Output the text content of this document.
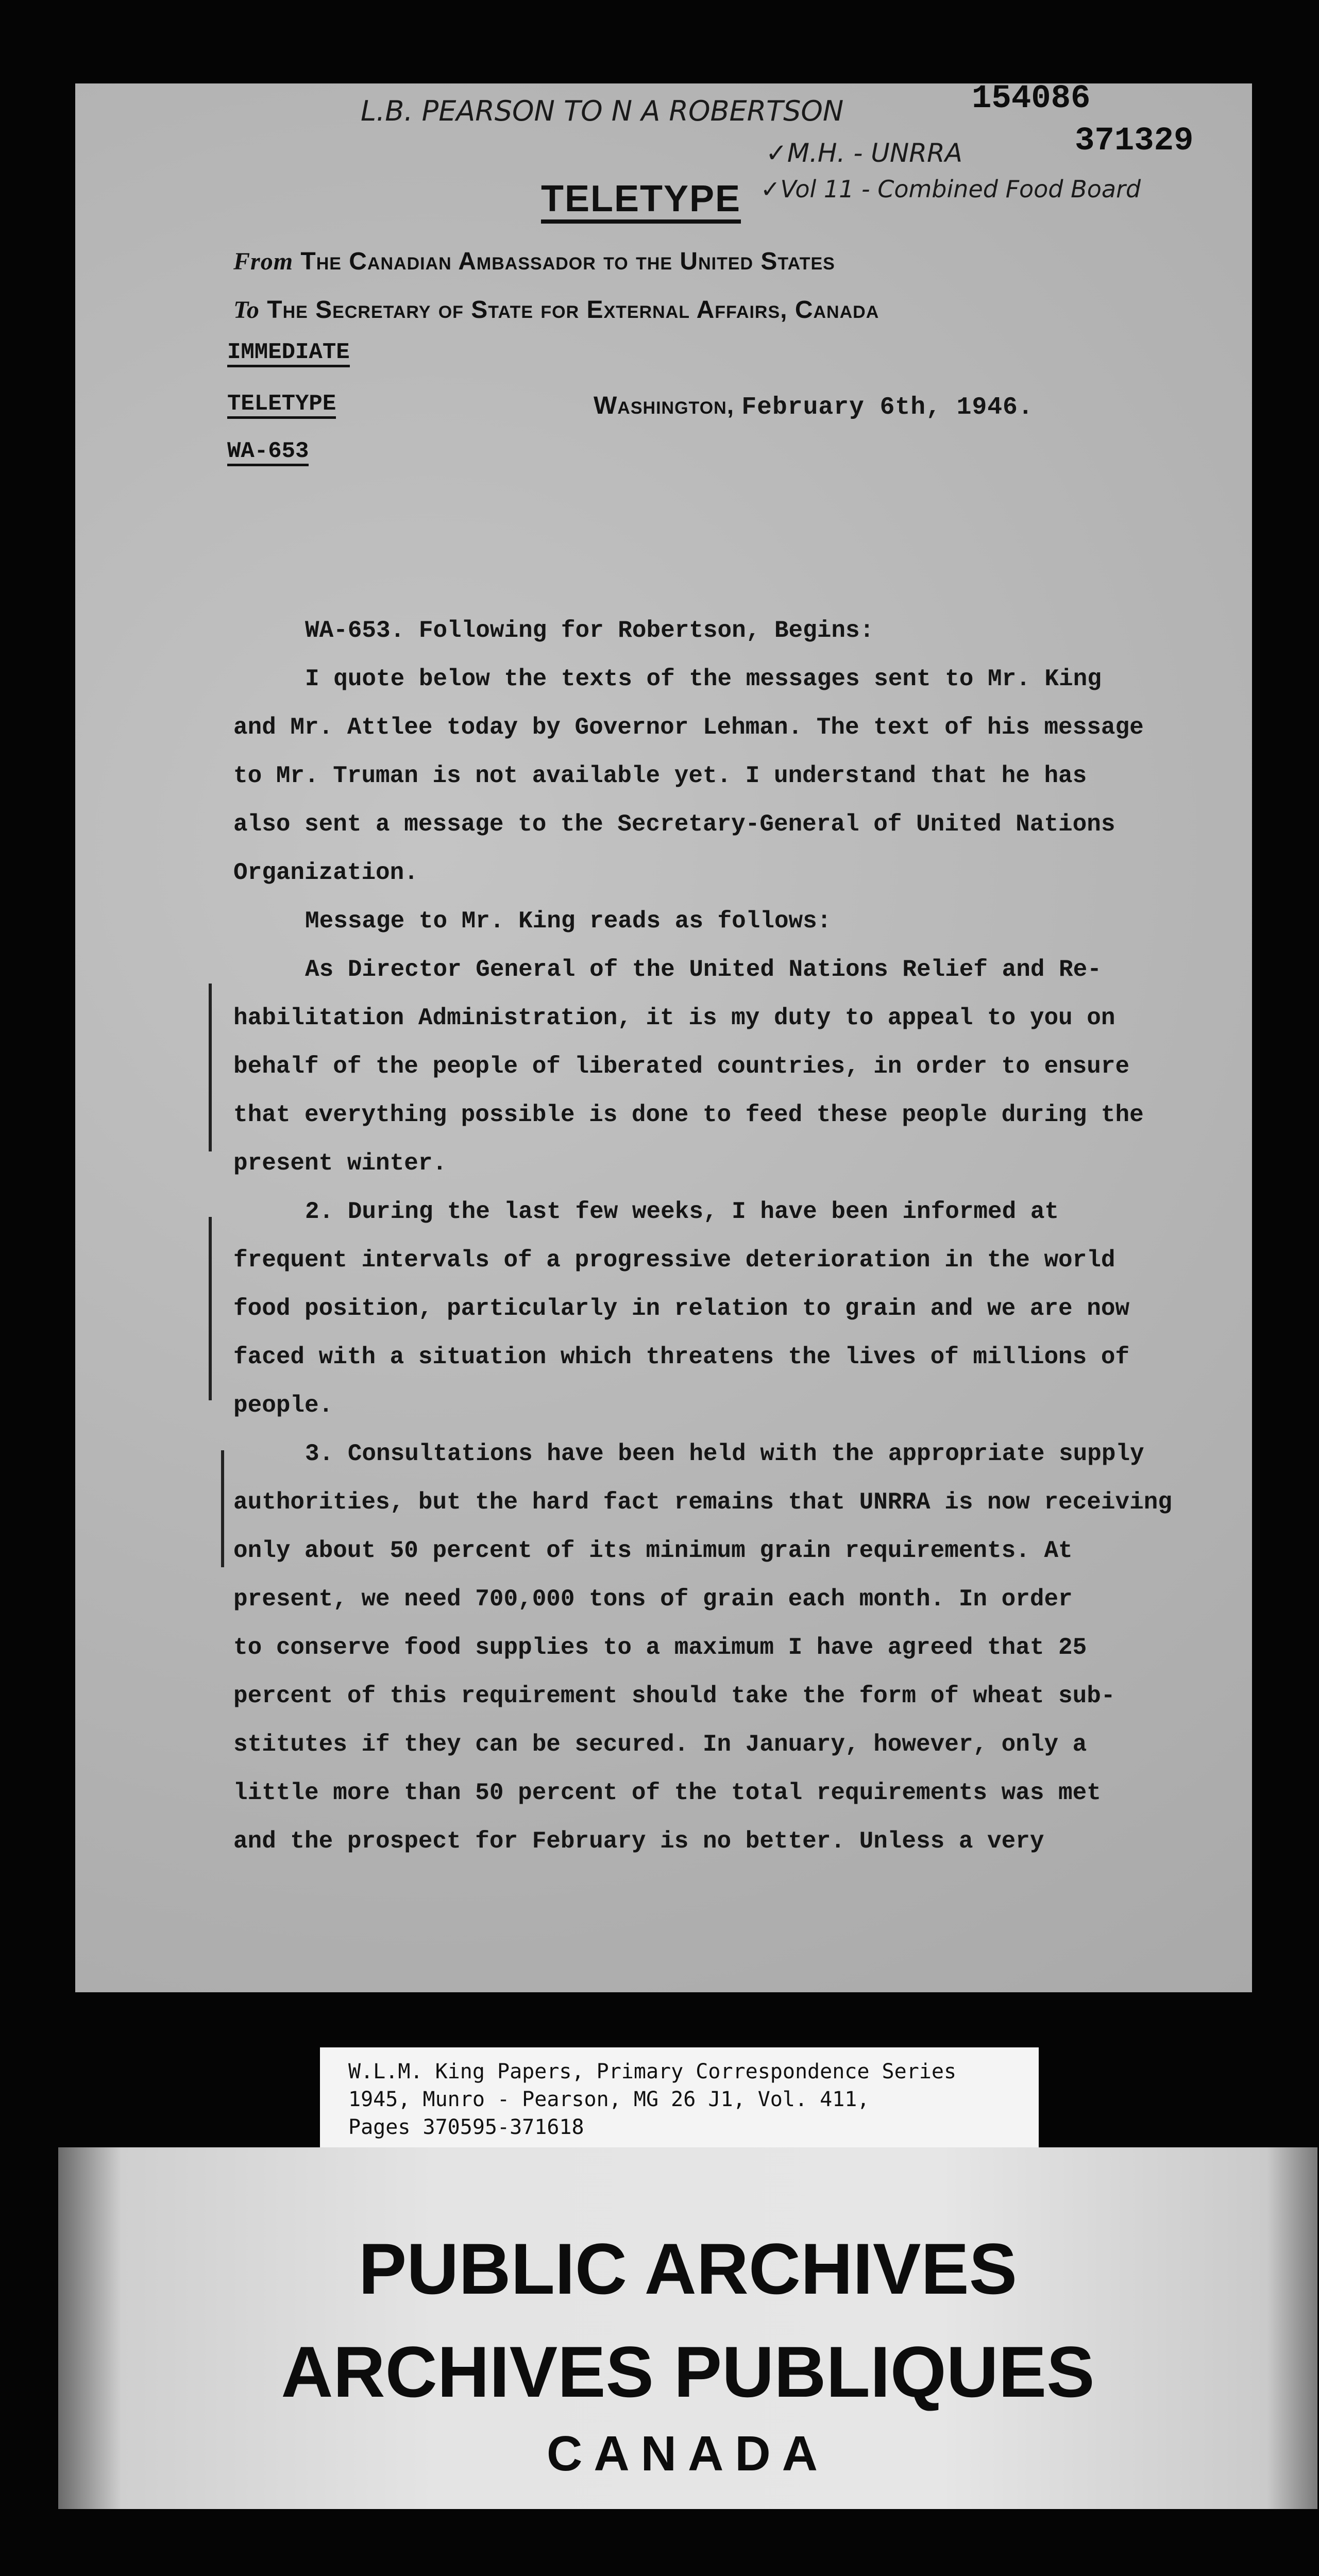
L.B. PEARSON TO N A ROBERTSON	154086
371329
✓M.H. - UNRRA
✓Vol 11 - Combined Food Board
TELETYPE
From The Canadian Ambassador to the United States
To The Secretary of State for External Affairs, Canada
IMMEDIATE
TELETYPE
WA-653
Washington, February 6th, 1946.
WA-653. Following for Robertson, Begins:
I quote below the texts of the messages sent to Mr. King
and Mr. Attlee today by Governor Lehman. The text of his message
to Mr. Truman is not available yet. I understand that he has
also sent a message to the Secretary-General of United Nations
Organization.
Message to Mr. King reads as follows:
As Director General of the United Nations Relief and Re-
habilitation Administration, it is my duty to appeal to you on
behalf of the people of liberated countries, in order to ensure
that everything possible is done to feed these people during the
present winter.
2. During the last few weeks, I have been informed at
frequent intervals of a progressive deterioration in the world
food position, particularly in relation to grain and we are now
faced with a situation which threatens the lives of millions of
people.
3. Consultations have been held with the appropriate supply
authorities, but the hard fact remains that UNRRA is now receiving
only about 50 percent of its minimum grain requirements. At
present, we need 700,000 tons of grain each month. In order
to conserve food supplies to a maximum I have agreed that 25
percent of this requirement should take the form of wheat sub-
stitutes if they can be secured. In January, however, only a
little more than 50 percent of the total requirements was met
and the prospect for February is no better. Unless a very
W.L.M. King Papers, Primary Correspondence Series
1945, Munro - Pearson, MG 26 J1, Vol. 411,
Pages 370595-371618
PUBLIC ARCHIVES
ARCHIVES PUBLIQUES
CANADA
